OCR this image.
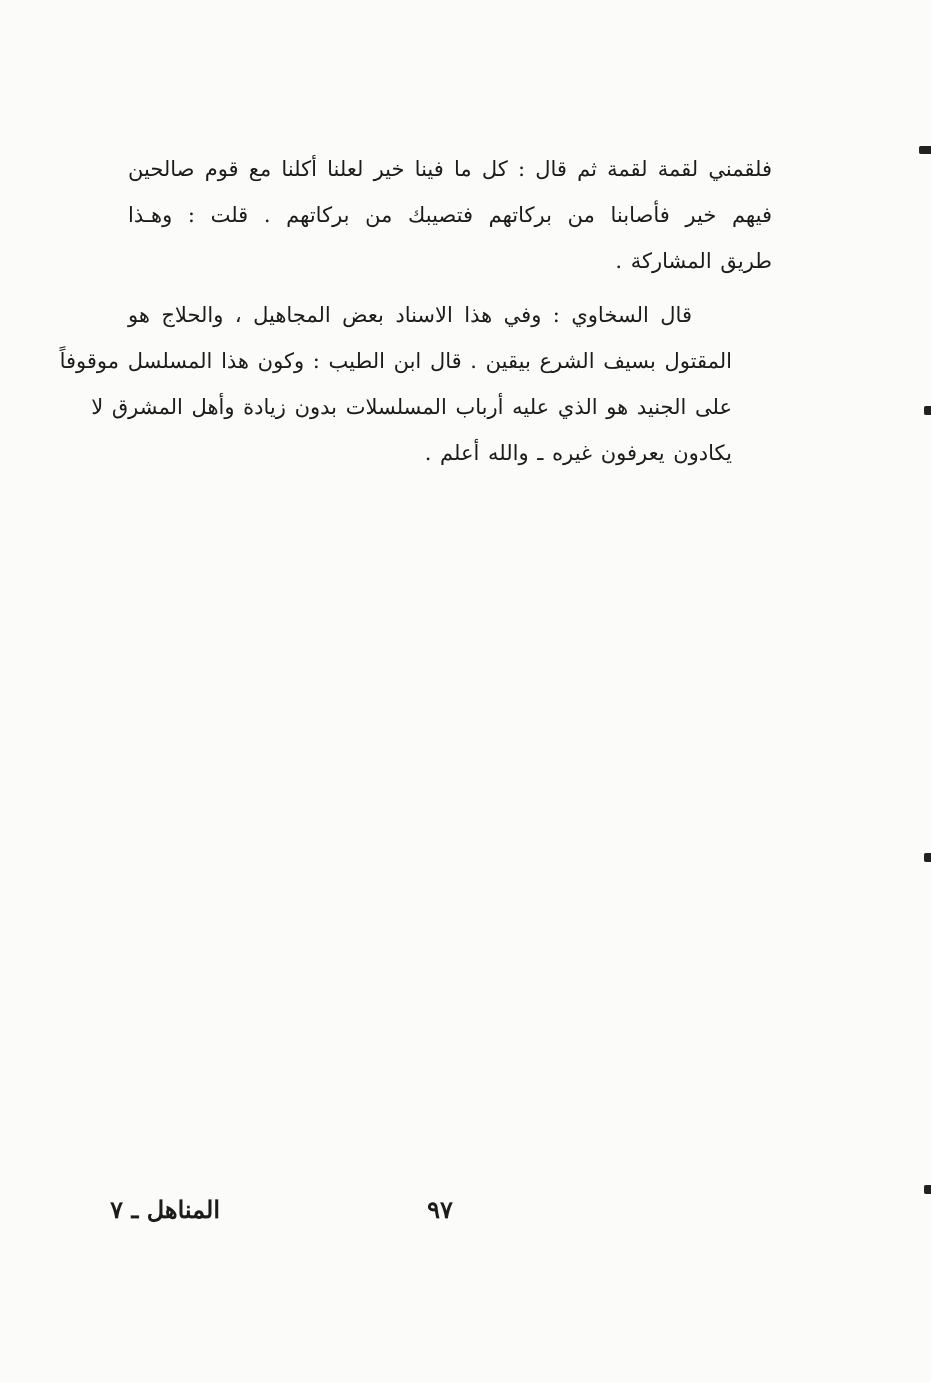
فلقمني لقمة لقمة ثم قال : كل ما فينا خير لعلنا أكلنا مع قوم صالحين
فيهم خير فأصابنا من بركاتهم فتصيبك من بركاتهم . قلت : وهـذا
طريق المشاركة .
قال السخاوي : وفي هذا الاسناد بعض المجاهيل ، والحلاج هو
المقتول بسيف الشرع بيقين . قال ابن الطيب : وكون هذا المسلسل موقوفاً
على الجنيد هو الذي عليه أرباب المسلسلات بدون زيادة وأهل المشرق لا
يكادون يعرفون غيره ـ والله أعلم .
٩٧
المناهل ـ ٧
